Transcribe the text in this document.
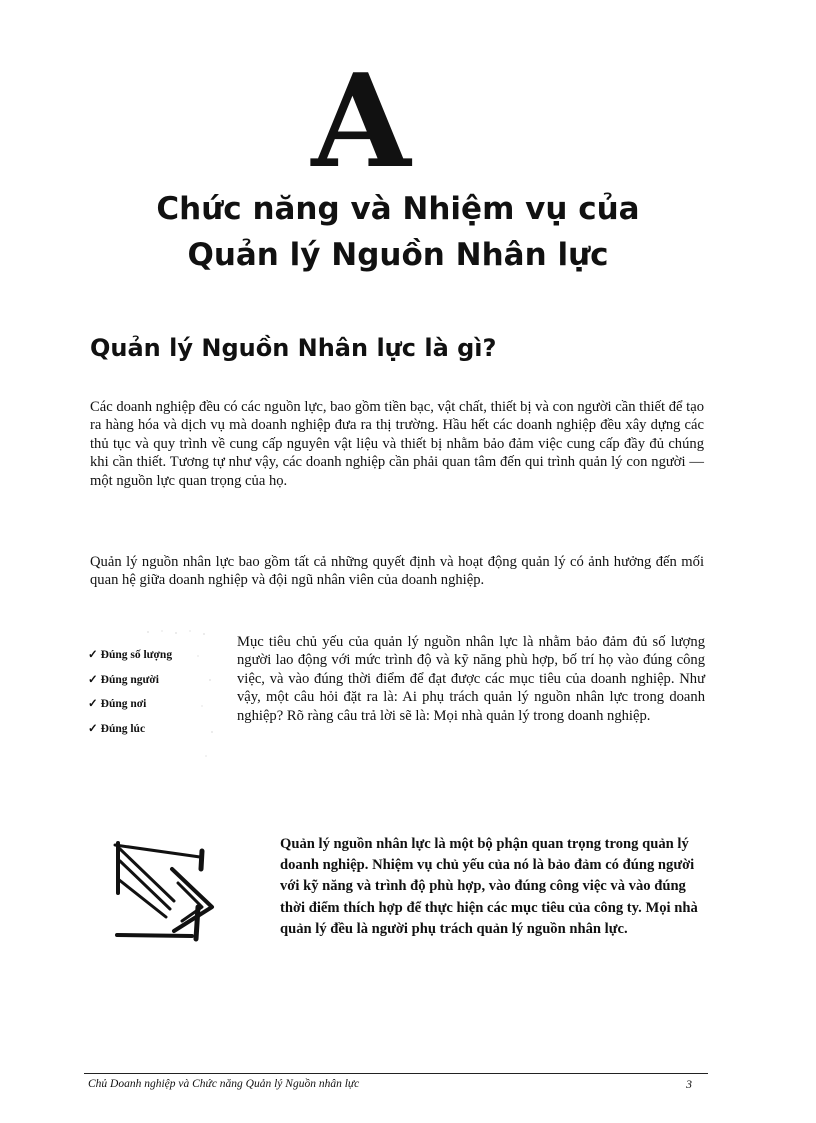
A
Chức năng và Nhiệm vụ của
Quản lý Nguồn Nhân lực
Quản lý Nguồn Nhân lực là gì?

Các doanh nghiệp đều có các nguồn lực, bao gồm tiền bạc, vật chất, thiết bị và con người cần thiết để tạo ra hàng hóa và dịch vụ mà doanh nghiệp đưa ra thị trường. Hầu hết các doanh nghiệp đều xây dựng các thủ tục và quy trình về cung cấp nguyên vật liệu và thiết bị nhằm bảo đảm việc cung cấp đầy đủ chúng khi cần thiết. Tương tự như vậy, các doanh nghiệp cần phải quan tâm đến qui trình quản lý con người — một nguồn lực quan trọng của họ.

Quản lý nguồn nhân lực bao gồm tất cả những quyết định và hoạt động quản lý có ảnh hưởng đến mối quan hệ giữa doanh nghiệp và đội ngũ nhân viên của doanh nghiệp.

✓ Đúng số lượng
✓ Đúng người
✓ Đúng nơi
✓ Đúng lúc

Mục tiêu chủ yếu của quản lý nguồn nhân lực là nhằm bảo đảm đủ số lượng người lao động với mức trình độ và kỹ năng phù hợp, bố trí họ vào đúng công việc, và vào đúng thời điểm để đạt được các mục tiêu của doanh nghiệp. Như vậy, một câu hỏi đặt ra là: Ai phụ trách quản lý nguồn nhân lực trong doanh nghiệp? Rõ ràng câu trả lời sẽ là: Mọi nhà quản lý trong doanh nghiệp.

Quản lý nguồn nhân lực là một bộ phận quan trọng trong quản lý doanh nghiệp. Nhiệm vụ chủ yếu của nó là bảo đảm có đúng người với kỹ năng và trình độ phù hợp, vào đúng công việc và vào đúng thời điểm thích hợp để thực hiện các mục tiêu của công ty. Mọi nhà quản lý đều là người phụ trách quản lý nguồn nhân lực.

Chủ Doanh nghiệp và Chức năng Quản lý Nguồn nhân lực	3
